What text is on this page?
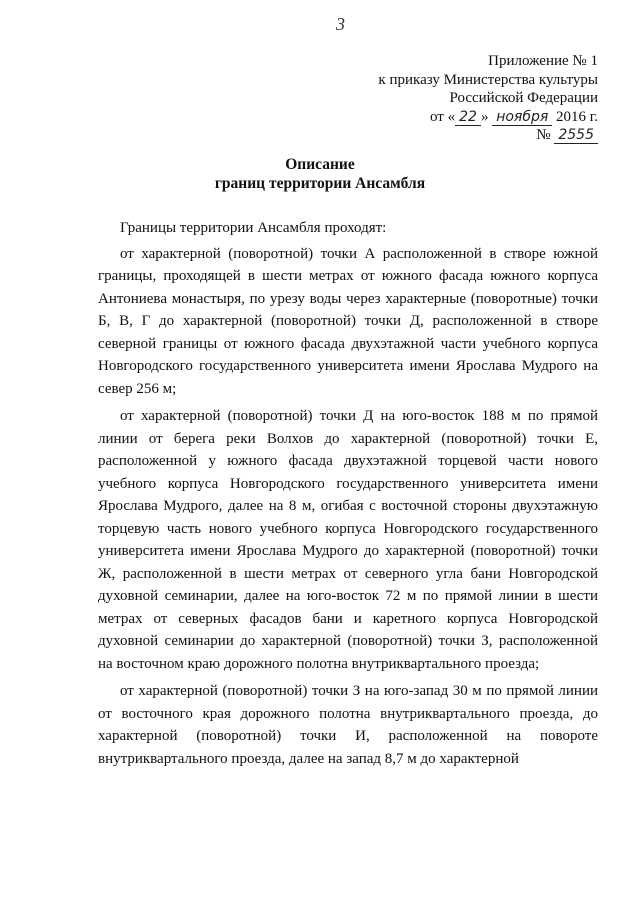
3
Приложение № 1
к приказу Министерства культуры
Российской Федерации
от « 22 » ноября 2016 г.
№ 2555
Описание
границ территории Ансамбля

Границы территории Ансамбля проходят:

от характерной (поворотной) точки А расположенной в створе южной границы, проходящей в шести метрах от южного фасада южного корпуса Антониева монастыря, по урезу воды через характерные (поворотные) точки Б, В, Г до характерной (поворотной) точки Д, расположенной в створе северной границы от южного фасада двухэтажной части учебного корпуса Новгородского государственного университета имени Ярослава Мудрого на север 256 м;

от характерной (поворотной) точки Д на юго-восток 188 м по прямой линии от берега реки Волхов до характерной (поворотной) точки Е, расположенной у южного фасада двухэтажной торцевой части нового учебного корпуса Новгородского государственного университета имени Ярослава Мудрого, далее на 8 м, огибая с восточной стороны двухэтажную торцевую часть нового учебного корпуса Новгородского государственного университета имени Ярослава Мудрого до характерной (поворотной) точки Ж, расположенной в шести метрах от северного угла бани Новгородской духовной семинарии, далее на юго-восток 72 м по прямой линии в шести метрах от северных фасадов бани и каретного корпуса Новгородской духовной семинарии до характерной (поворотной) точки З, расположенной на восточном краю дорожного полотна внутриквартального проезда;

от характерной (поворотной) точки З на юго-запад 30 м по прямой линии от восточного края дорожного полотна внутриквартального проезда, до характерной (поворотной) точки И, расположенной на повороте внутриквартального проезда, далее на запад 8,7 м до характерной
